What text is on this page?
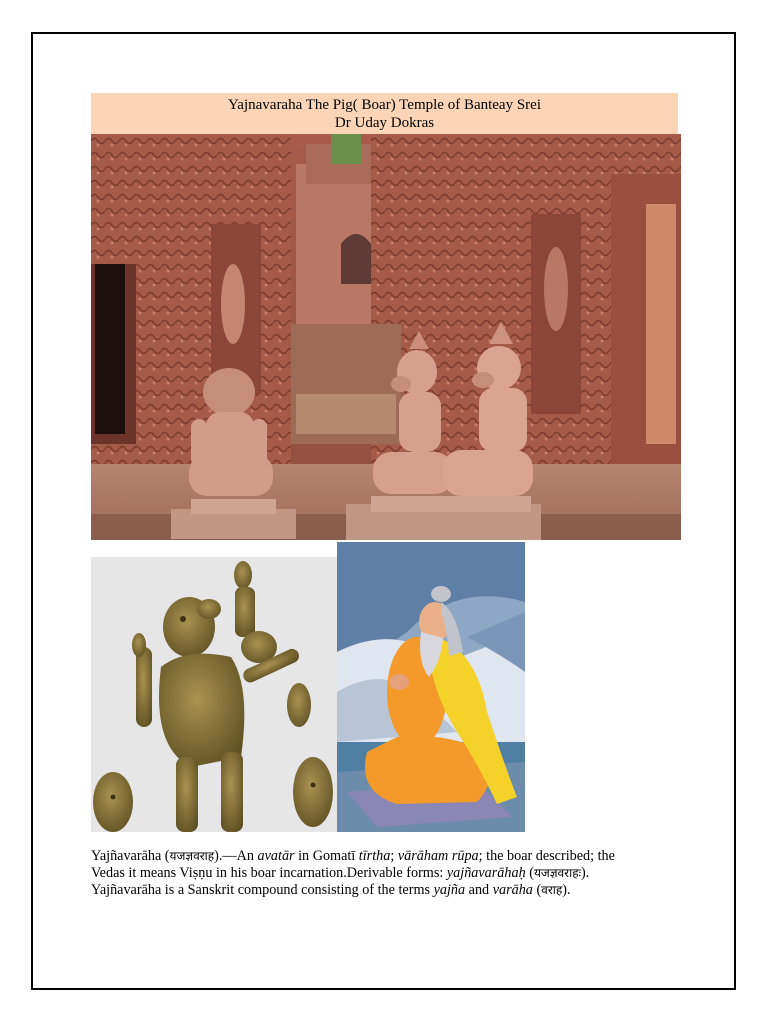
Yajnavaraha The Pig( Boar) Temple of Banteay Srei
Dr Uday Dokras

Yajñavarāha (यजज्ञवराह).—An avatār in Gomatī tīrtha; vārāham rūpa; the boar described; the

Vedas it means Viṣṇu in his boar incarnation.Derivable forms: yajñavarāhaḥ (यजज्ञवराहः).

Yajñavarāha is a Sanskrit compound consisting of the terms yajña and varāha (वराह).
